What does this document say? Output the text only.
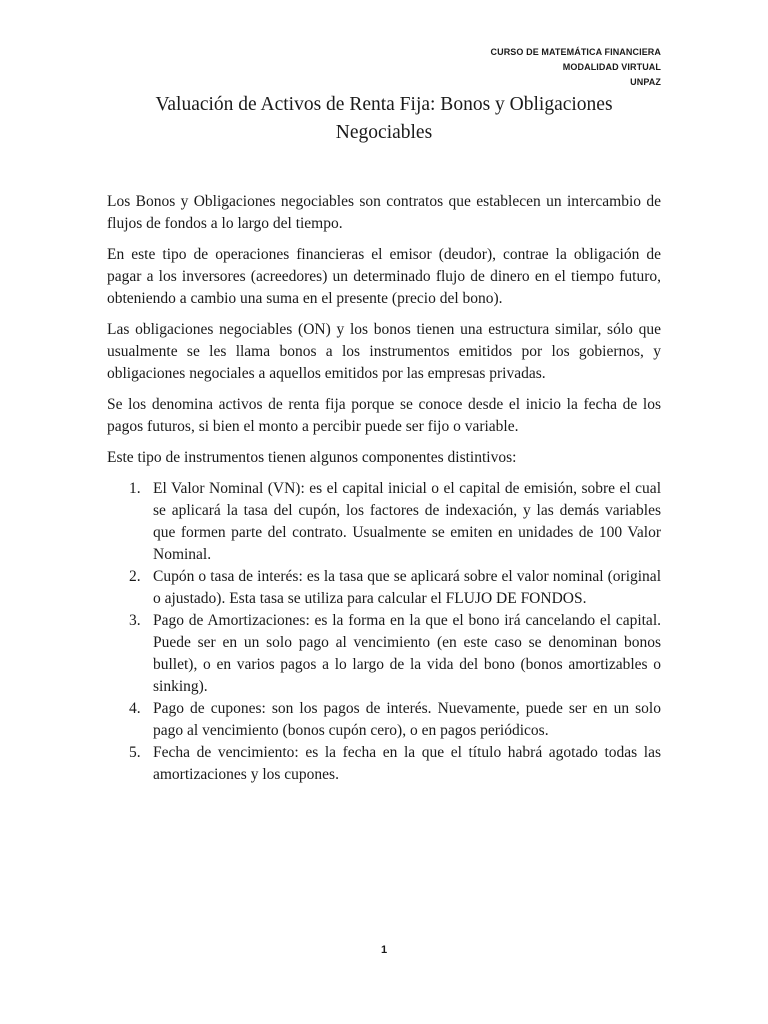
CURSO DE MATEMÁTICA FINANCIERA
MODALIDAD VIRTUAL
UNPAZ
Valuación de Activos de Renta Fija: Bonos y Obligaciones
Negociables

Los Bonos y Obligaciones negociables son contratos que establecen un intercambio de flujos de fondos a lo largo del tiempo.

En este tipo de operaciones financieras el emisor (deudor), contrae la obligación de pagar a los inversores (acreedores) un determinado flujo de dinero en el tiempo futuro, obteniendo a cambio una suma en el presente (precio del bono).

Las obligaciones negociables (ON) y los bonos tienen una estructura similar, sólo que usualmente se les llama bonos a los instrumentos emitidos por los gobiernos, y obligaciones negociales a aquellos emitidos por las empresas privadas.

Se los denomina activos de renta fija porque se conoce desde el inicio la fecha de los pagos futuros, si bien el monto a percibir puede ser fijo o variable.

Este tipo de instrumentos tienen algunos componentes distintivos:

1. El Valor Nominal (VN): es el capital inicial o el capital de emisión, sobre el cual se aplicará la tasa del cupón, los factores de indexación, y las demás variables que formen parte del contrato. Usualmente se emiten en unidades de 100 Valor Nominal.
2. Cupón o tasa de interés: es la tasa que se aplicará sobre el valor nominal (original o ajustado). Esta tasa se utiliza para calcular el FLUJO DE FONDOS.
3. Pago de Amortizaciones: es la forma en la que el bono irá cancelando el capital. Puede ser en un solo pago al vencimiento (en este caso se denominan bonos bullet), o en varios pagos a lo largo de la vida del bono (bonos amortizables o sinking).
4. Pago de cupones: son los pagos de interés. Nuevamente, puede ser en un solo pago al vencimiento (bonos cupón cero), o en pagos periódicos.
5. Fecha de vencimiento: es la fecha en la que el título habrá agotado todas las amortizaciones y los cupones.
1
